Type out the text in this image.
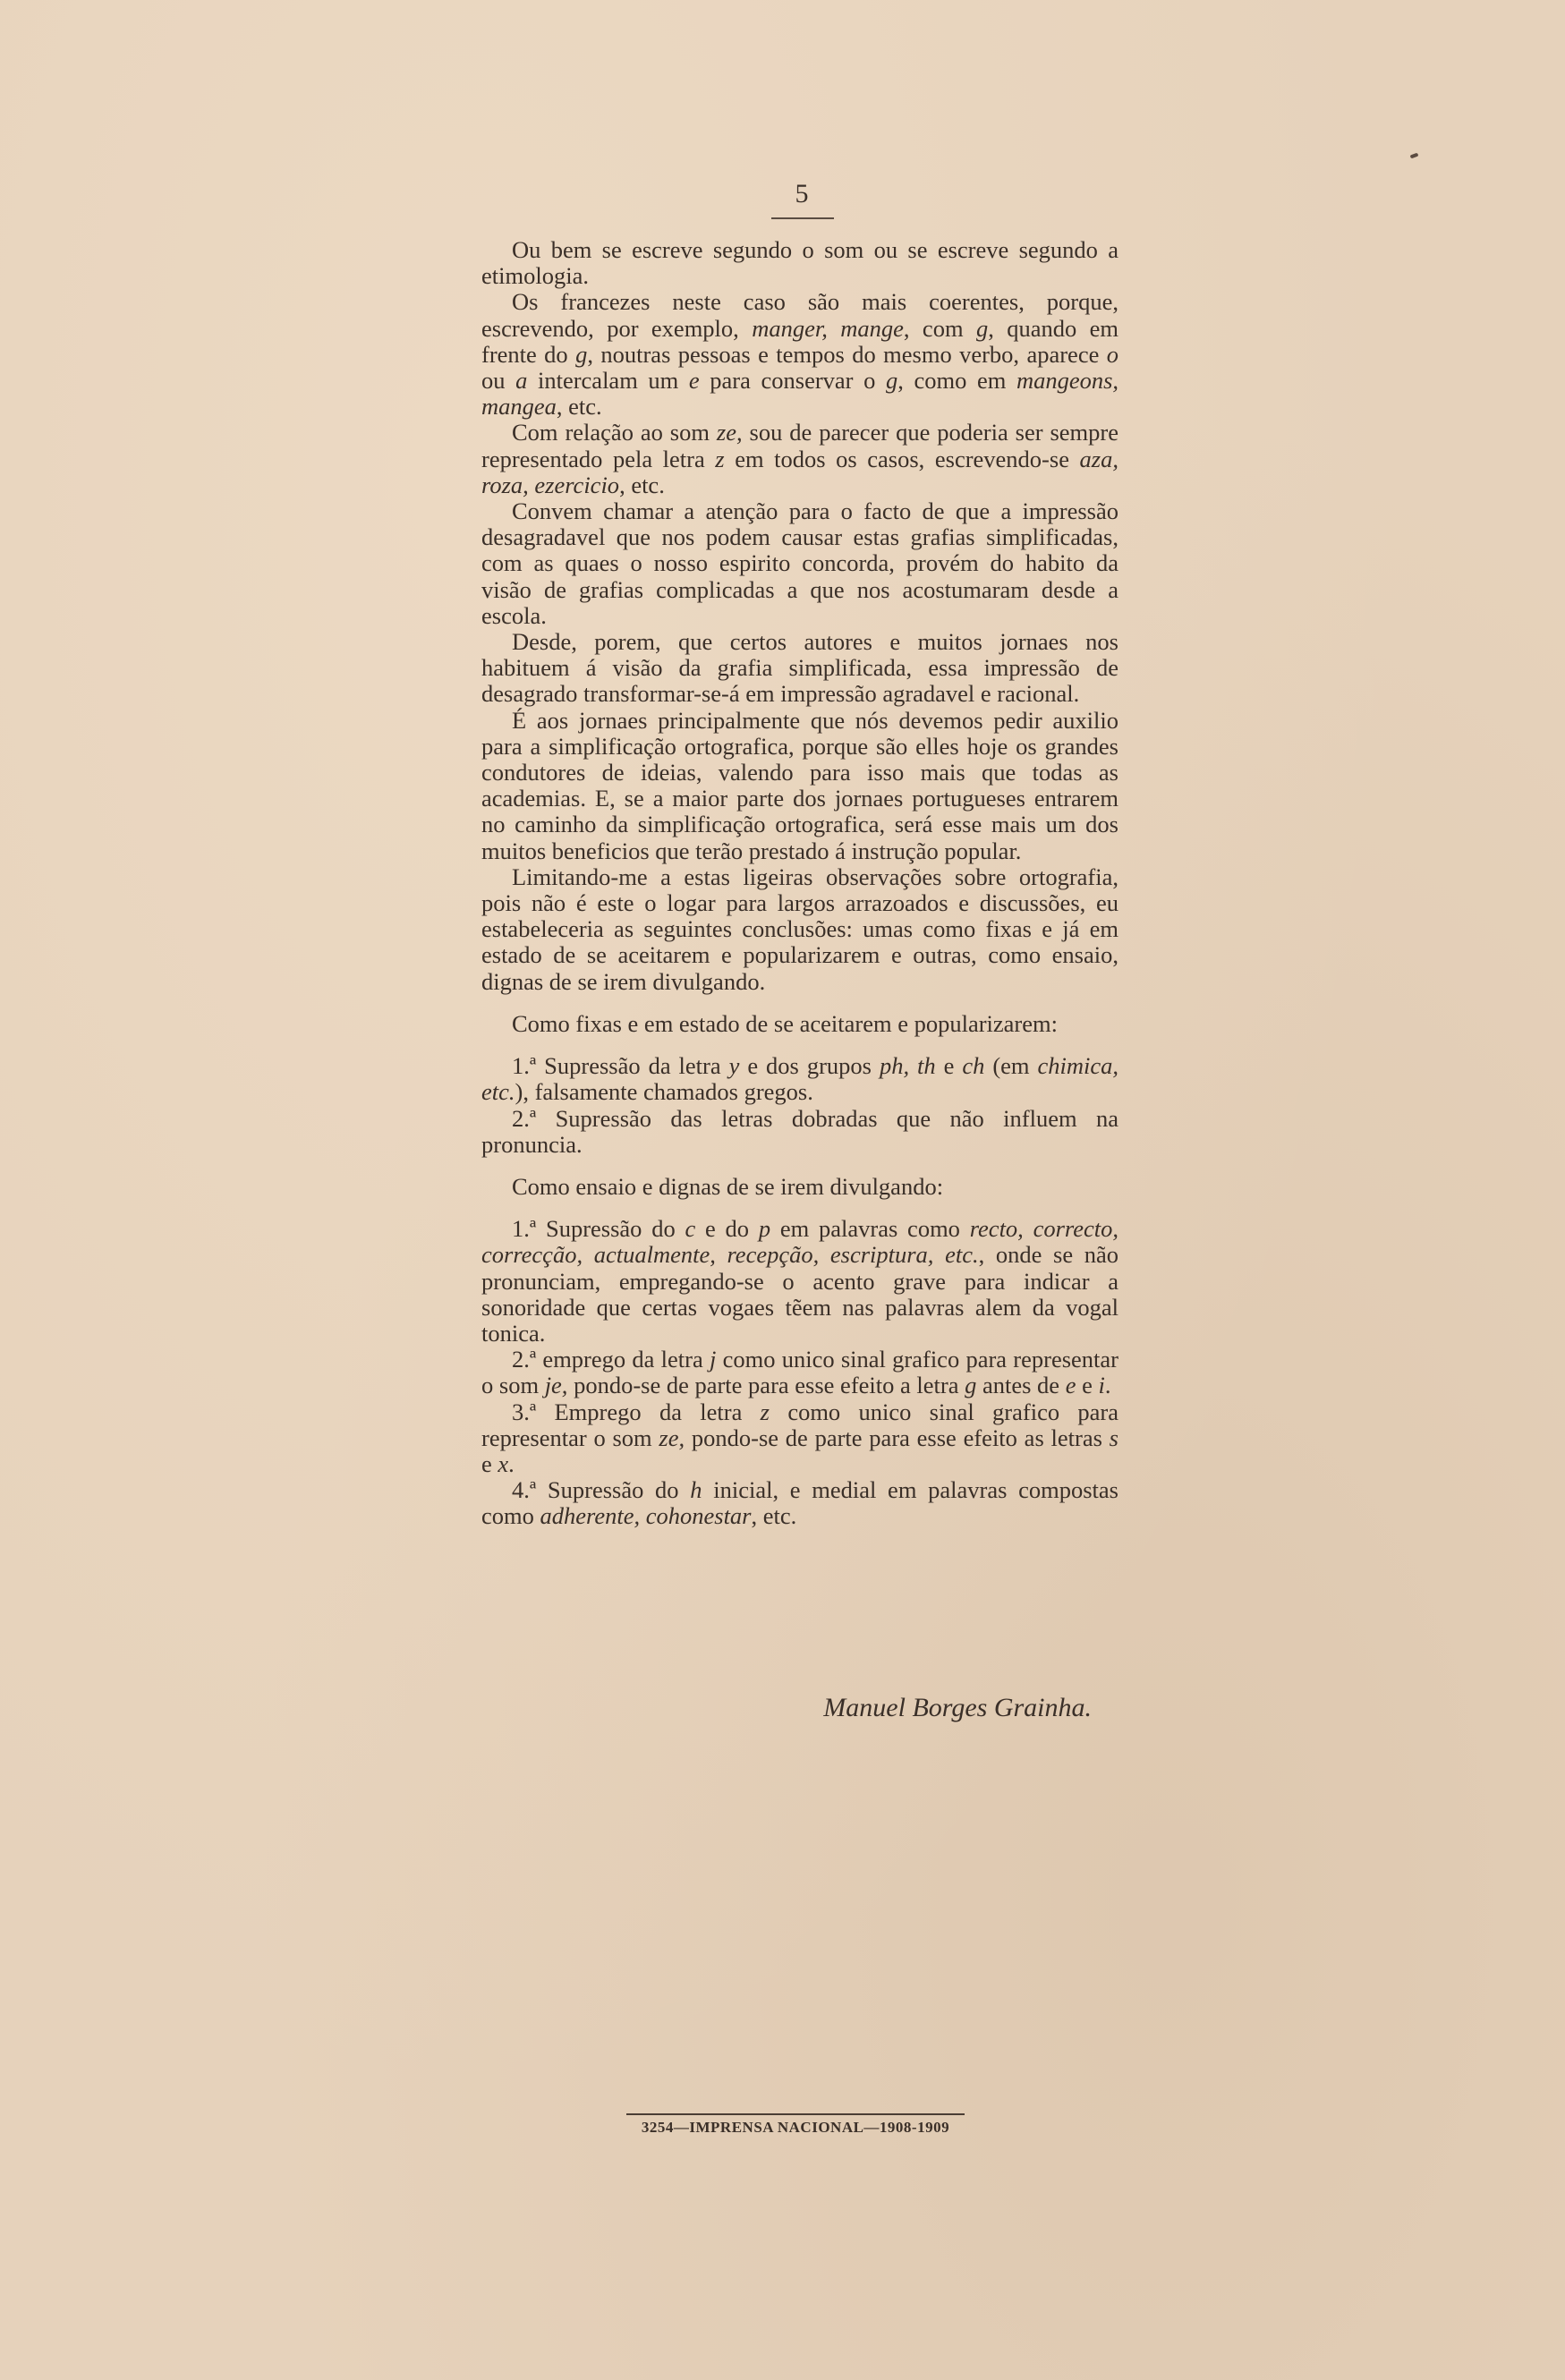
5

Ou bem se escreve segundo o som ou se escreve segundo a etimologia.

Os francezes neste caso são mais coerentes, porque, escrevendo, por exemplo, manger, mange, com g, quando em frente do g, noutras pessoas e tempos do mesmo verbo, aparece o ou a intercalam um e para conservar o g, como em mangeons, mangea, etc.

Com relação ao som ze, sou de parecer que poderia ser sempre representado pela letra z em todos os casos, escrevendo-se aza, roza, ezercicio, etc.

Convem chamar a atenção para o facto de que a impressão desagradavel que nos podem causar estas grafias simplificadas, com as quaes o nosso espirito concorda, provém do habito da visão de grafias complicadas a que nos acostumaram desde a escola.

Desde, porem, que certos autores e muitos jornaes nos habituem á visão da grafia simplificada, essa impressão de desagrado transformar-se-á em impressão agradavel e racional.

É aos jornaes principalmente que nós devemos pedir auxilio para a simplificação ortografica, porque são elles hoje os grandes condutores de ideias, valendo para isso mais que todas as academias. E, se a maior parte dos jornaes portugueses entrarem no caminho da simplificação ortografica, será esse mais um dos muitos beneficios que terão prestado á instrução popular.

Limitando-me a estas ligeiras observações sobre ortografia, pois não é este o logar para largos arrazoados e discussões, eu estabeleceria as seguintes conclusões: umas como fixas e já em estado de se aceitarem e popularizarem e outras, como ensaio, dignas de se irem divulgando.

Como fixas e em estado de se aceitarem e popularizarem:

1.ª Supressão da letra y e dos grupos ph, th e ch (em chimica, etc.), falsamente chamados gregos.

2.ª Supressão das letras dobradas que não influem na pronuncia.

Como ensaio e dignas de se irem divulgando:

1.ª Supressão do c e do p em palavras como recto, correcto, correcção, actualmente, recepção, escriptura, etc., onde se não pronunciam, empregando-se o acento grave para indicar a sonoridade que certas vogaes tẽem nas palavras alem da vogal tonica.

2.ª emprego da letra j como unico sinal grafico para representar o som je, pondo-se de parte para esse efeito a letra g antes de e e i.

3.ª Emprego da letra z como unico sinal grafico para representar o som ze, pondo-se de parte para esse efeito as letras s e x.

4.ª Supressão do h inicial, e medial em palavras compostas como adherente, cohonestar, etc.

Manuel Borges Grainha.
3254—IMPRENSA NACIONAL—1908-1909
